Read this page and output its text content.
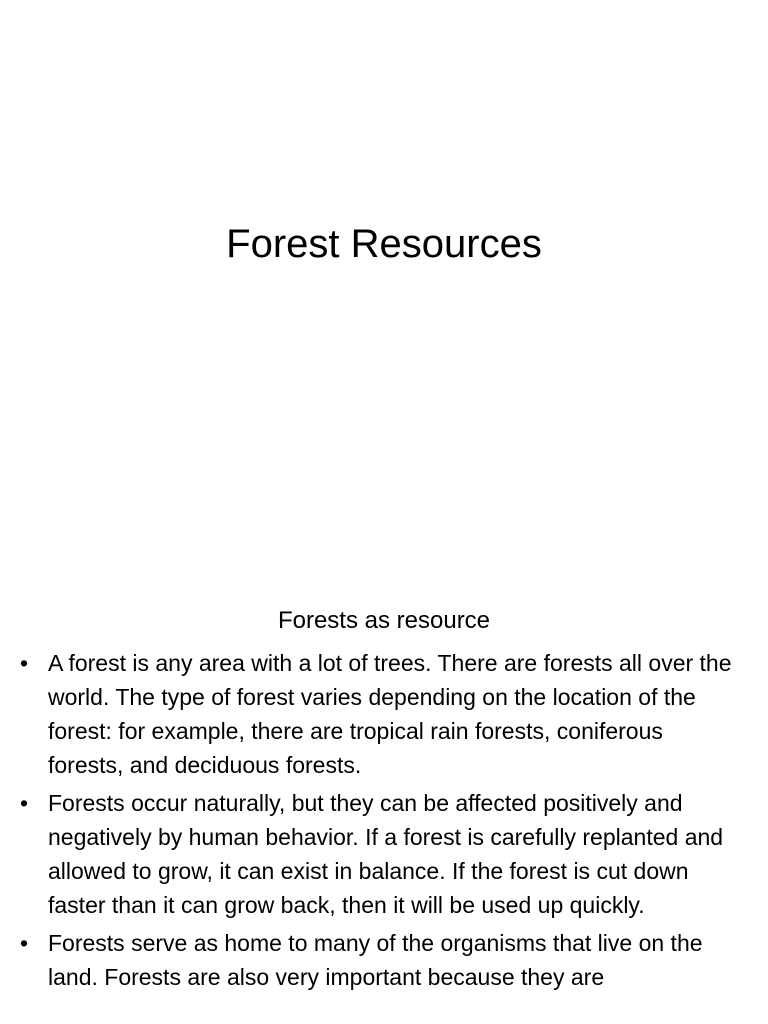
Forest Resources
Forests as resource
• A forest is any area with a lot of trees. There are forests all over the world. The type of forest varies depending on the location of the forest: for example, there are tropical rain forests, coniferous forests, and deciduous forests.
• Forests occur naturally, but they can be affected positively and negatively by human behavior. If a forest is carefully replanted and allowed to grow, it can exist in balance. If the forest is cut down faster than it can grow back, then it will be used up quickly.
• Forests serve as home to many of the organisms that live on the land. Forests are also very important because they are
